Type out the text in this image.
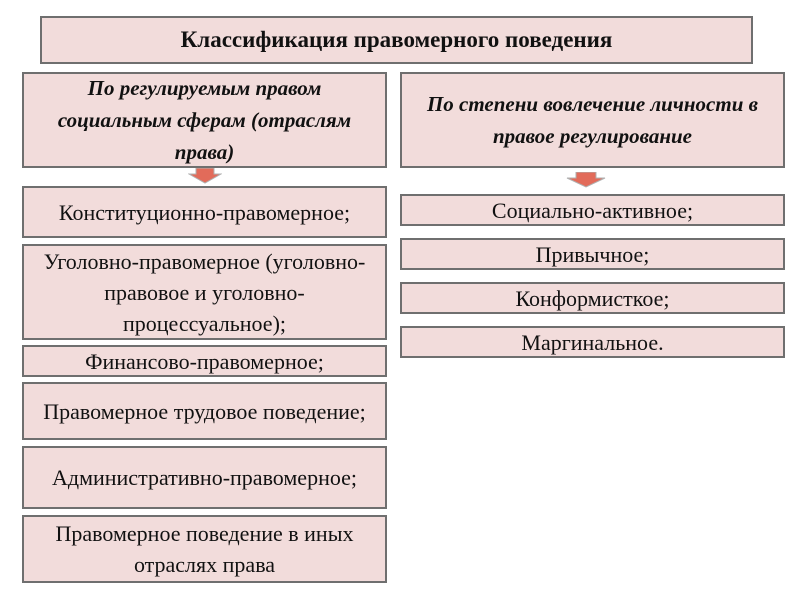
Классификация правомерного поведения
По регулируемым правом социальным сферам (отраслям права)
Конституционно-правомерное;
Уголовно-правомерное (уголовно-правовое и уголовно-процессуальное);
Финансово-правомерное;
Правомерное трудовое поведение;
Административно-правомерное;
Правомерное поведение в иных отраслях права
По степени вовлечение личности в правое регулирование
Социально-активное;
Привычное;
Конформисткое;
Маргинальное.
